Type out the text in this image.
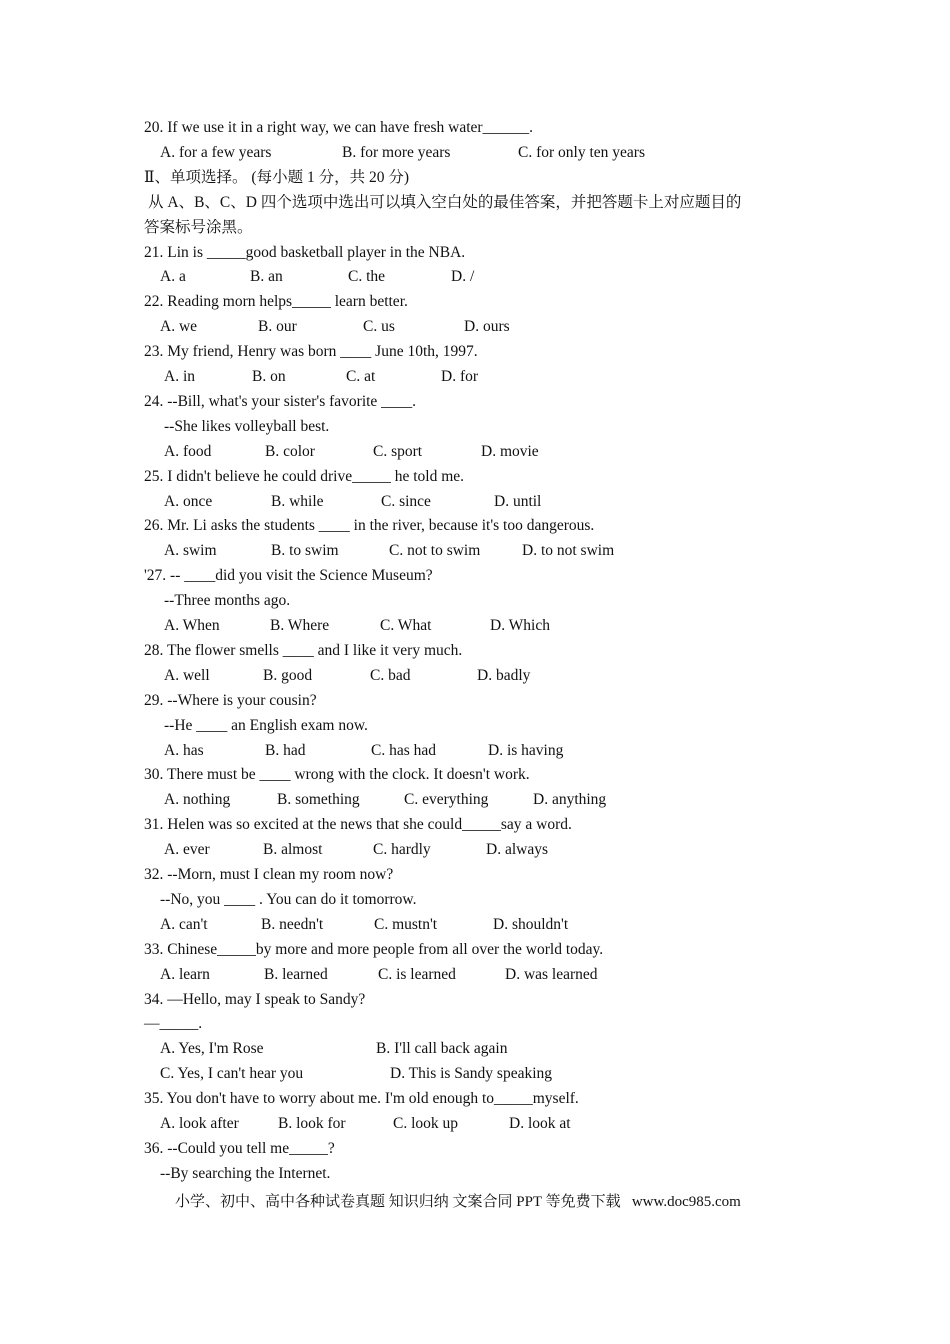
20. If we use it in a right way, we can have fresh water______.
A. for a few years	B. for more years	C. for only ten years
Ⅱ、单项选择。 (每小题 1 分，共 20 分)
从 A、B、C、D 四个选项中选出可以填入空白处的最佳答案，并把答题卡上对应题目的
答案标号涂黑。
21. Lin is _____good basketball player in the NBA.
A. a	B. an	C. the	D. /
22. Reading morn helps_____ learn better.
A. we	B. our	C. us	D. ours
23. My friend, Henry was born ____ June 10th, 1997.
A. in	B. on	C. at	D. for
24. --Bill, what's your sister's favorite ____.
--She likes volleyball best.
A. food	B. color	C. sport	D. movie
25. I didn't believe he could drive_____ he told me.
A. once	B. while	C. since	D. until
26. Mr. Li asks the students ____ in the river, because it's too dangerous.
A. swim	B. to swim	C. not to swim	D. to not swim
'27. -- ____did you visit the Science Museum?
--Three months ago.
A. When	B. Where	C. What	D. Which
28. The flower smells ____ and I like it very much.
A. well	B. good	C. bad	D. badly
29. --Where is your cousin?
--He ____ an English exam now.
A. has	B. had	C. has had	D. is having
30. There must be ____ wrong with the clock. It doesn't work.
A. nothing	B. something	C. everything	D. anything
31. Helen was so excited at the news that she could_____say a word.
A. ever	B. almost	C. hardly	D. always
32. --Morn, must I clean my room now?
--No, you ____ . You can do it tomorrow.
A. can't	B. needn't	C. mustn't	D. shouldn't
33. Chinese_____by more and more people from all over the world today.
A. learn	B. learned	C. is learned	D. was learned
34. —Hello, may I speak to Sandy?
—_____.
A. Yes, I'm Rose	B. I'll call back again
C. Yes, I can't hear you	D. This is Sandy speaking
35. You don't have to worry about me. I'm old enough to_____myself.
A. look after	B. look for	C. look up	D. look at
36. --Could you tell me_____?
--By searching the Internet.
小学、初中、高中各种试卷真题 知识归纳 文案合同 PPT 等免费下载   www.doc985.com
